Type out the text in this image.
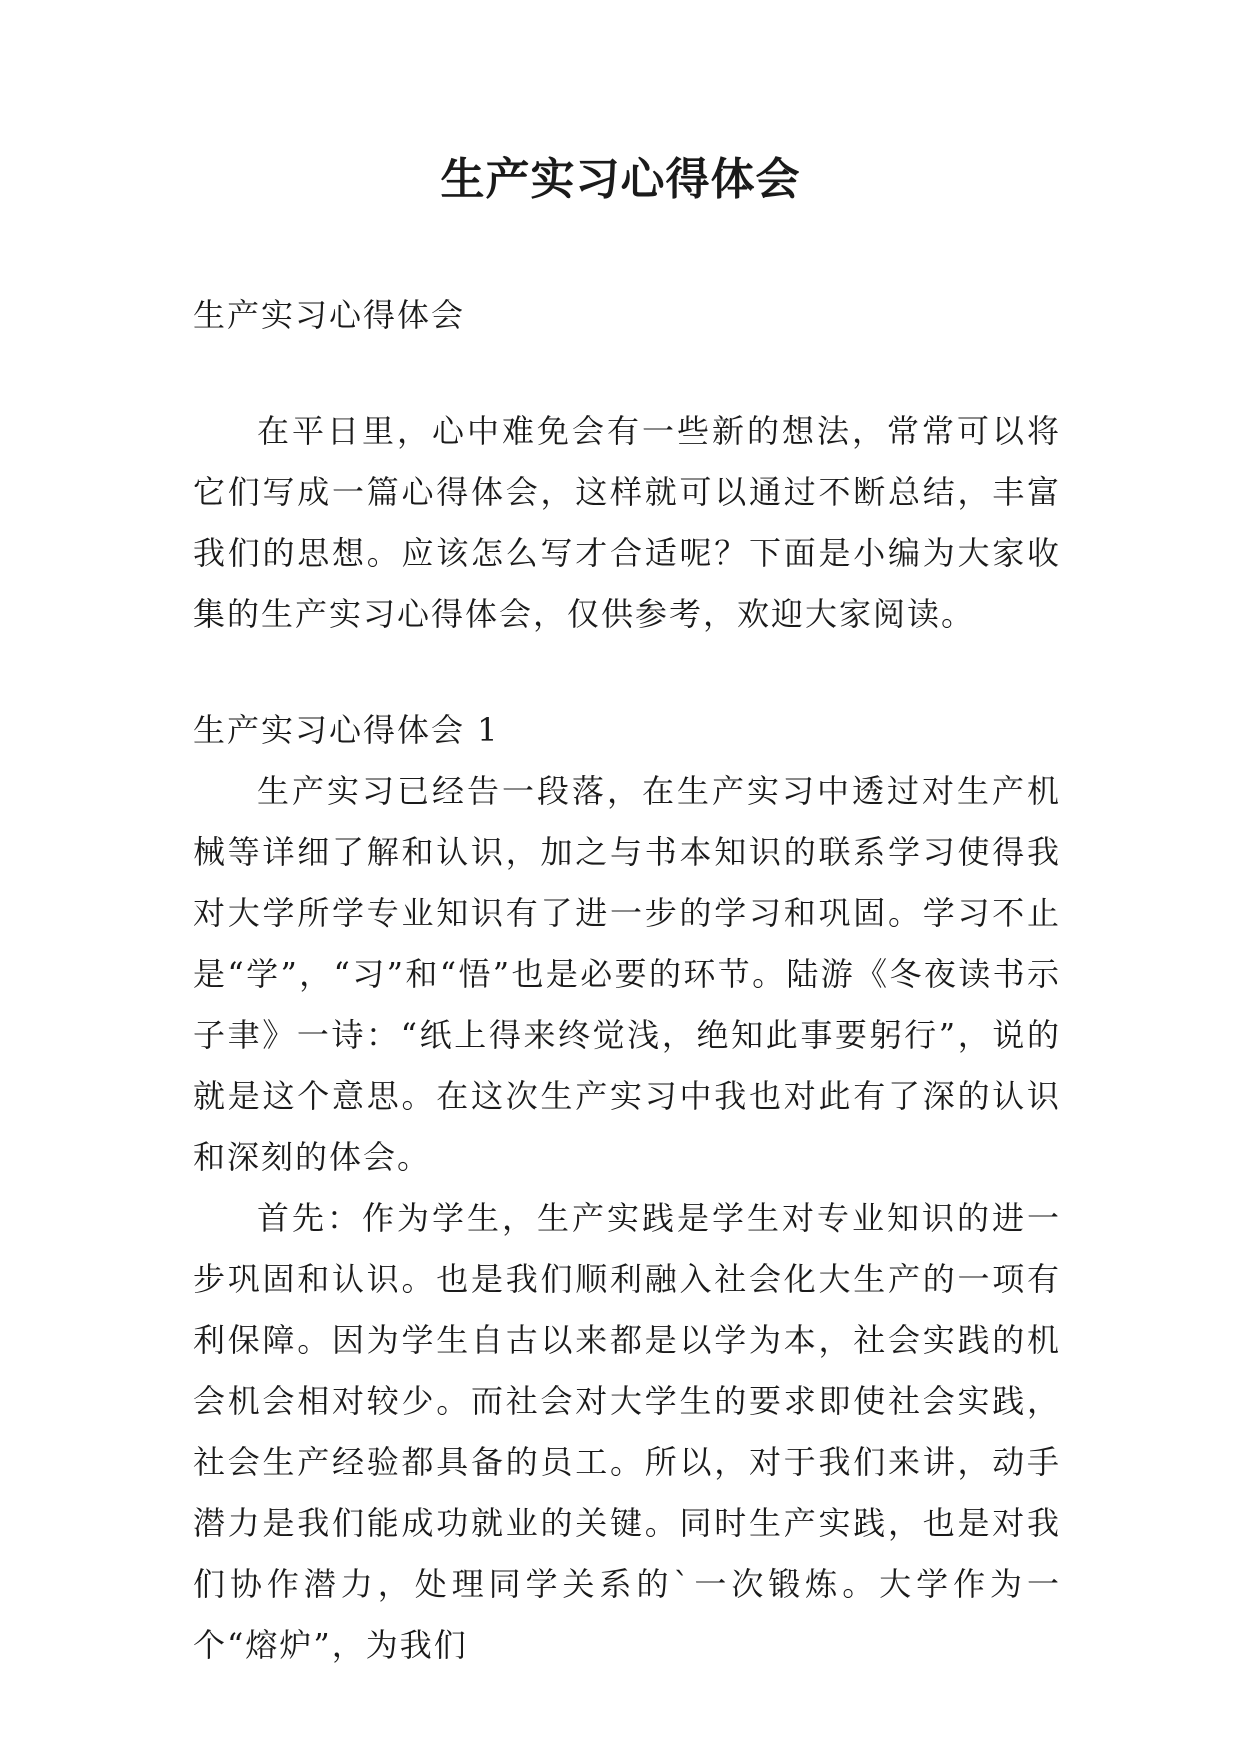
生产实习心得体会

生产实习心得体会

在平日里，心中难免会有一些新的想法，常常可以将它们写成一篇心得体会，这样就可以通过不断总结，丰富我们的思想。应该怎么写才合适呢？下面是小编为大家收集的生产实习心得体会，仅供参考，欢迎大家阅读。

生产实习心得体会 1

生产实习已经告一段落，在生产实习中透过对生产机械等详细了解和认识，加之与书本知识的联系学习使得我对大学所学专业知识有了进一步的学习和巩固。学习不止是“学”，“习”和“悟”也是必要的环节。陆游《冬夜读书示子聿》一诗：“纸上得来终觉浅，绝知此事要躬行”，说的就是这个意思。在这次生产实习中我也对此有了深的认识和深刻的体会。

首先：作为学生，生产实践是学生对专业知识的进一步巩固和认识。也是我们顺利融入社会化大生产的一项有利保障。因为学生自古以来都是以学为本，社会实践的机会机会相对较少。而社会对大学生的要求即使社会实践，社会生产经验都具备的员工。所以，对于我们来讲，动手潜力是我们能成功就业的关键。同时生产实践，也是对我们协作潜力，处理同学关系的`一次锻炼。大学作为一个“熔炉”，为我们
